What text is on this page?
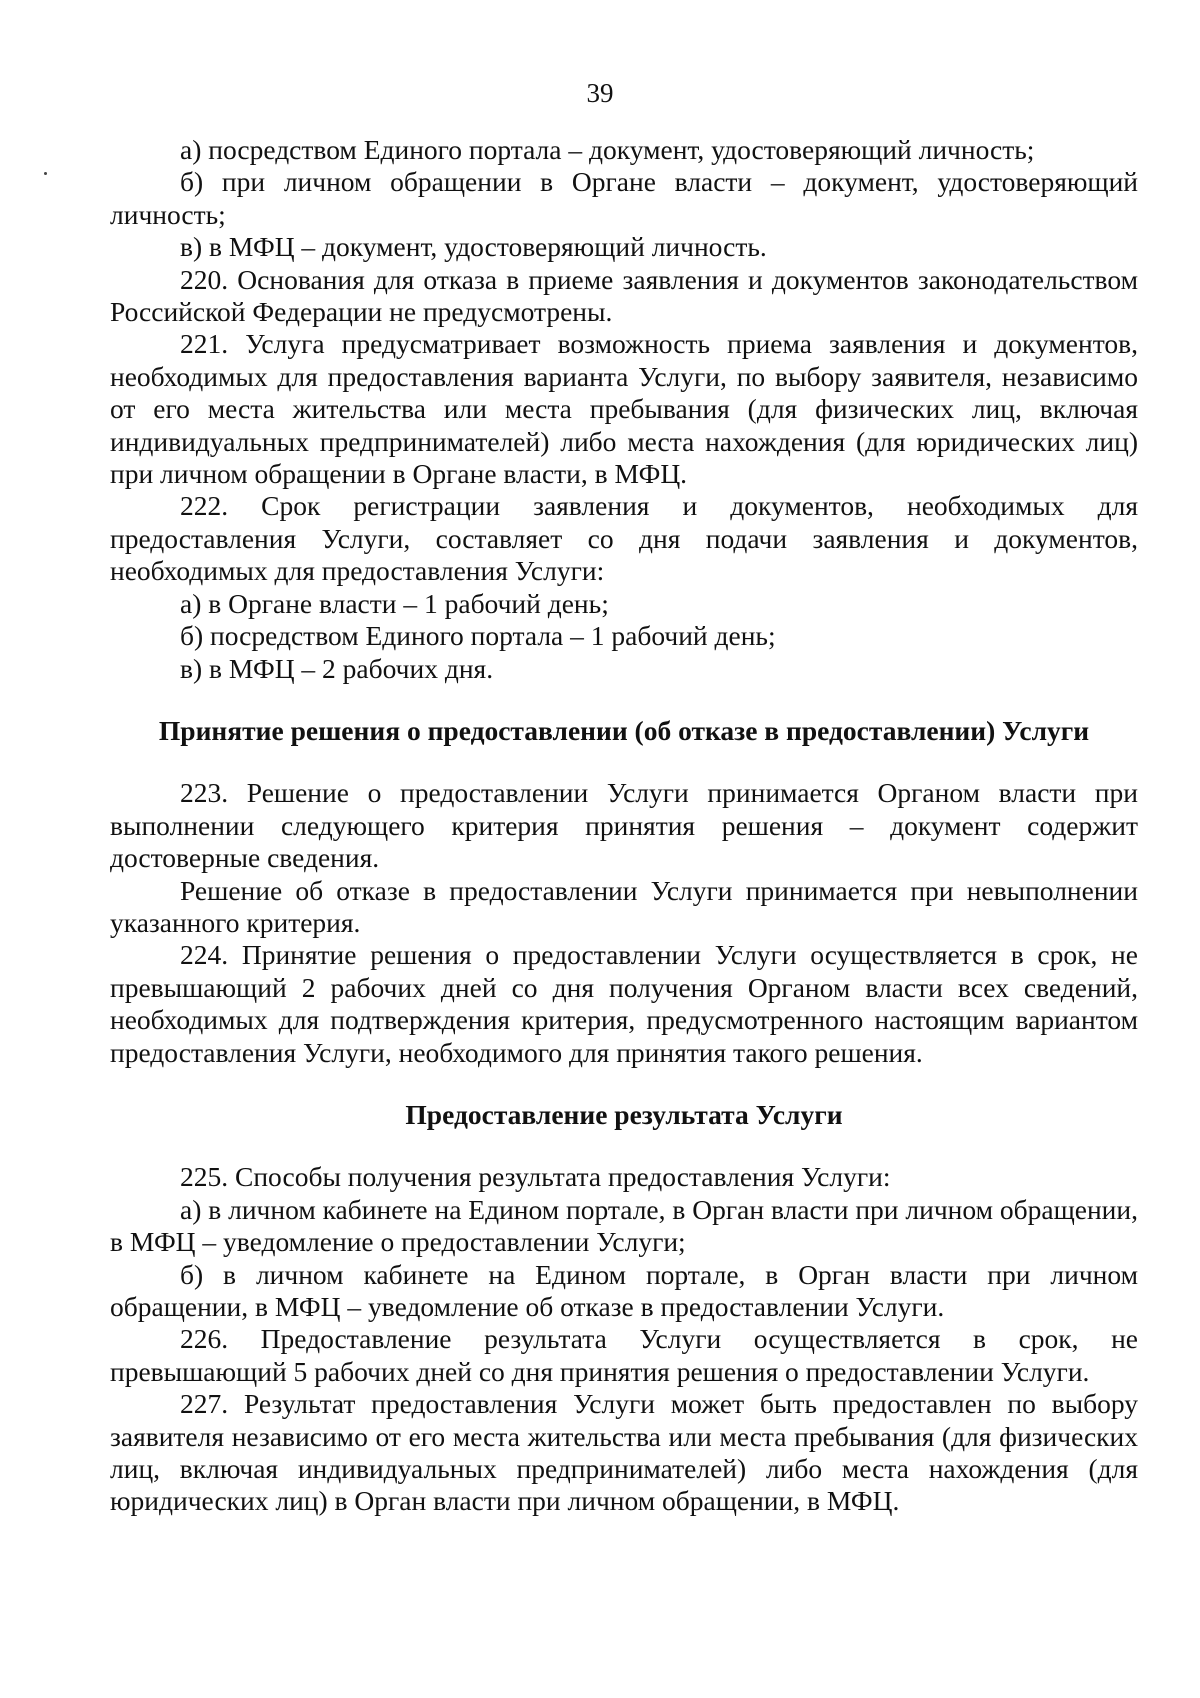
39

а) посредством Единого портала – документ, удостоверяющий личность;

б) при личном обращении в Органе власти – документ, удостоверяющий личность;

в) в МФЦ – документ, удостоверяющий личность.

220. Основания для отказа в приеме заявления и документов законодательством Российской Федерации не предусмотрены.

221. Услуга предусматривает возможность приема заявления и документов, необходимых для предоставления варианта Услуги, по выбору заявителя, независимо от его места жительства или места пребывания (для физических лиц, включая индивидуальных предпринимателей) либо места нахождения (для юридических лиц) при личном обращении в Органе власти, в МФЦ.

222. Срок регистрации заявления и документов, необходимых для предоставления Услуги, составляет со дня подачи заявления и документов, необходимых для предоставления Услуги:

а) в Органе власти – 1 рабочий день;

б) посредством Единого портала – 1 рабочий день;

в) в МФЦ – 2 рабочих дня.

Принятие решения о предоставлении (об отказе в предоставлении) Услуги

223. Решение о предоставлении Услуги принимается Органом власти при выполнении следующего критерия принятия решения – документ содержит достоверные сведения.

Решение об отказе в предоставлении Услуги принимается при невыполнении указанного критерия.

224. Принятие решения о предоставлении Услуги осуществляется в срок, не превышающий 2 рабочих дней со дня получения Органом власти всех сведений, необходимых для подтверждения критерия, предусмотренного настоящим вариантом предоставления Услуги, необходимого для принятия такого решения.

Предоставление результата Услуги

225. Способы получения результата предоставления Услуги:

а) в личном кабинете на Едином портале, в Орган власти при личном обращении, в МФЦ – уведомление о предоставлении Услуги;

б) в личном кабинете на Едином портале, в Орган власти при личном обращении, в МФЦ – уведомление об отказе в предоставлении Услуги.

226. Предоставление результата Услуги осуществляется в срок, не превышающий 5 рабочих дней со дня принятия решения о предоставлении Услуги.

227. Результат предоставления Услуги может быть предоставлен по выбору заявителя независимо от его места жительства или места пребывания (для физических лиц, включая индивидуальных предпринимателей) либо места нахождения (для юридических лиц) в Орган власти при личном обращении, в МФЦ.
